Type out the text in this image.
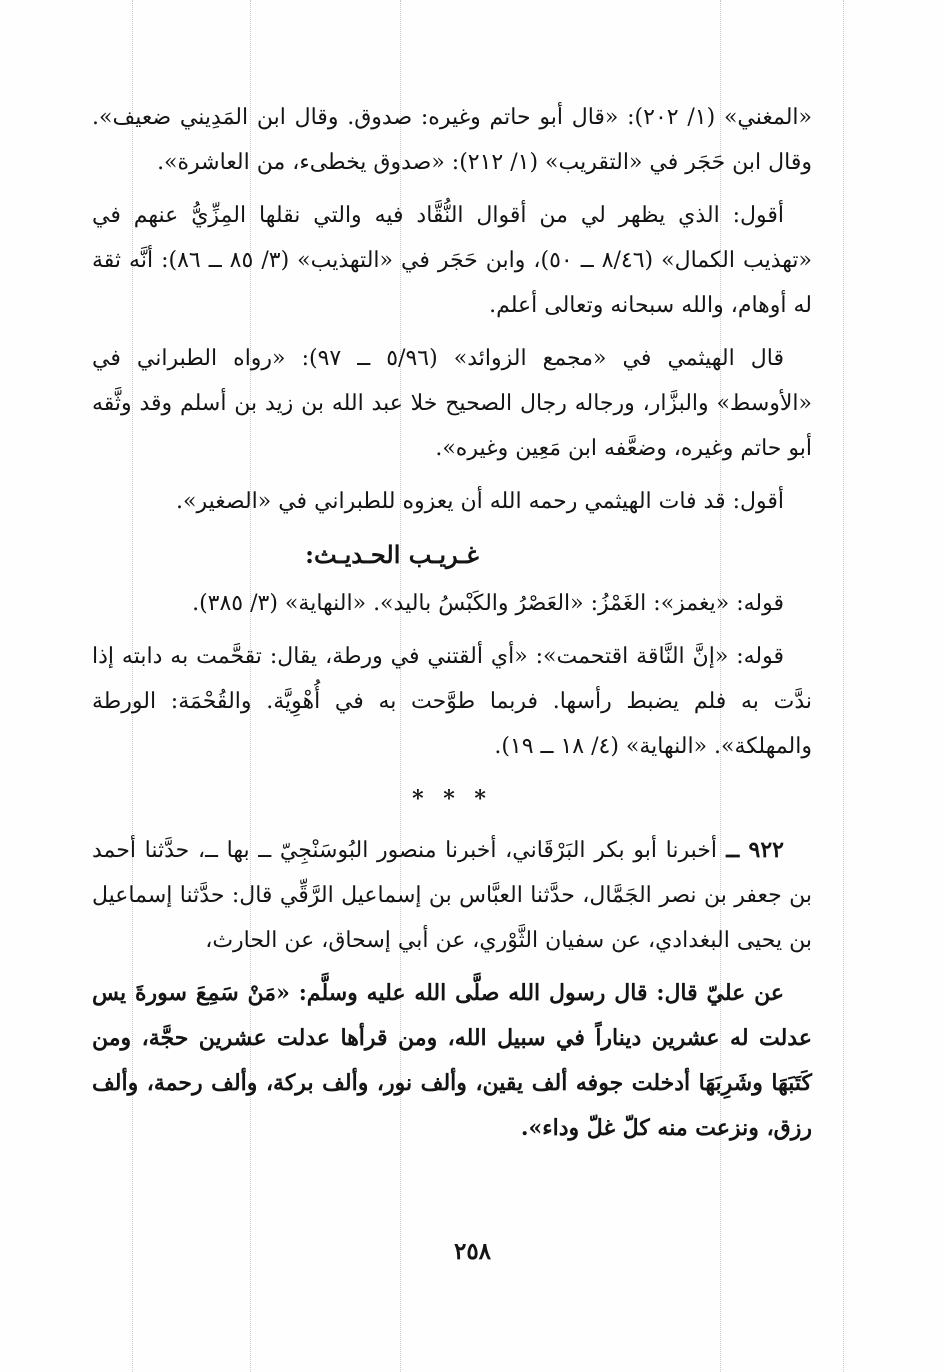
«المغني» (١/ ٢٠٢): «قال أبو حاتم وغيره: صدوق. وقال ابن المَدِيني ضعيف». وقال ابن حَجَر في «التقريب» (١/ ٢١٢): «صدوق يخطىء، من العاشرة».

أقول: الذي يظهر لي من أقوال النُّقَّاد فيه والتي نقلها المِزِّيُّ عنهم في «تهذيب الكمال» (٨/٤٦ ــ ٥٠)، وابن حَجَر في «التهذيب» (٣/ ٨٥ ــ ٨٦): أنَّه ثقة له أوهام، والله سبحانه وتعالى أعلم.

قال الهيثمي في «مجمع الزوائد» (٥/٩٦ ــ ٩٧): «رواه الطبراني في «الأوسط» والبزَّار، ورجاله رجال الصحيح خلا عبد الله بن زيد بن أسلم وقد وثَّقه أبو حاتم وغيره، وضعَّفه ابن مَعِين وغيره».

أقول: قد فات الهيثمي رحمه الله أن يعزوه للطبراني في «الصغير».

غـريـب الحـديـث:

قوله: «يغمز»: الغَمْزُ: «العَصْرُ والكَبْسُ باليد». «النهاية» (٣/ ٣٨٥).

قوله: «إنَّ النَّاقة اقتحمت»: «أي ألقتني في ورطة، يقال: تقحَّمت به دابته إذا ندَّت به فلم يضبط رأسها. فربما طوَّحت به في أُهْوِيَّة. والقُحْمَة: الورطة والمهلكة». «النهاية» (٤/ ١٨ ــ ١٩).

* * *

٩٢٢ ــ أخبرنا أبو بكر البَرْقَاني، أخبرنا منصور البُوسَنْجِيّ ــ بها ــ، حدَّثنا أحمد بن جعفر بن نصر الجَمَّال، حدَّثنا العبَّاس بن إسماعيل الرَّقِّي قال: حدَّثنا إسماعيل بن يحيى البغدادي، عن سفيان الثَّوْري، عن أبي إسحاق، عن الحارث،

عن عليّ قال: قال رسول الله صلَّى الله عليه وسلَّم: «مَنْ سَمِعَ سورةَ يس عدلت له عشرين ديناراً في سبيل الله، ومن قرأها عدلت عشرين حجَّة، ومن كَتَبَهَا وشَرِبَهَا أدخلت جوفه ألف يقين، وألف نور، وألف بركة، وألف رحمة، وألف رزق، ونزعت منه كلّ غلّ وداء».

٢٥٨
